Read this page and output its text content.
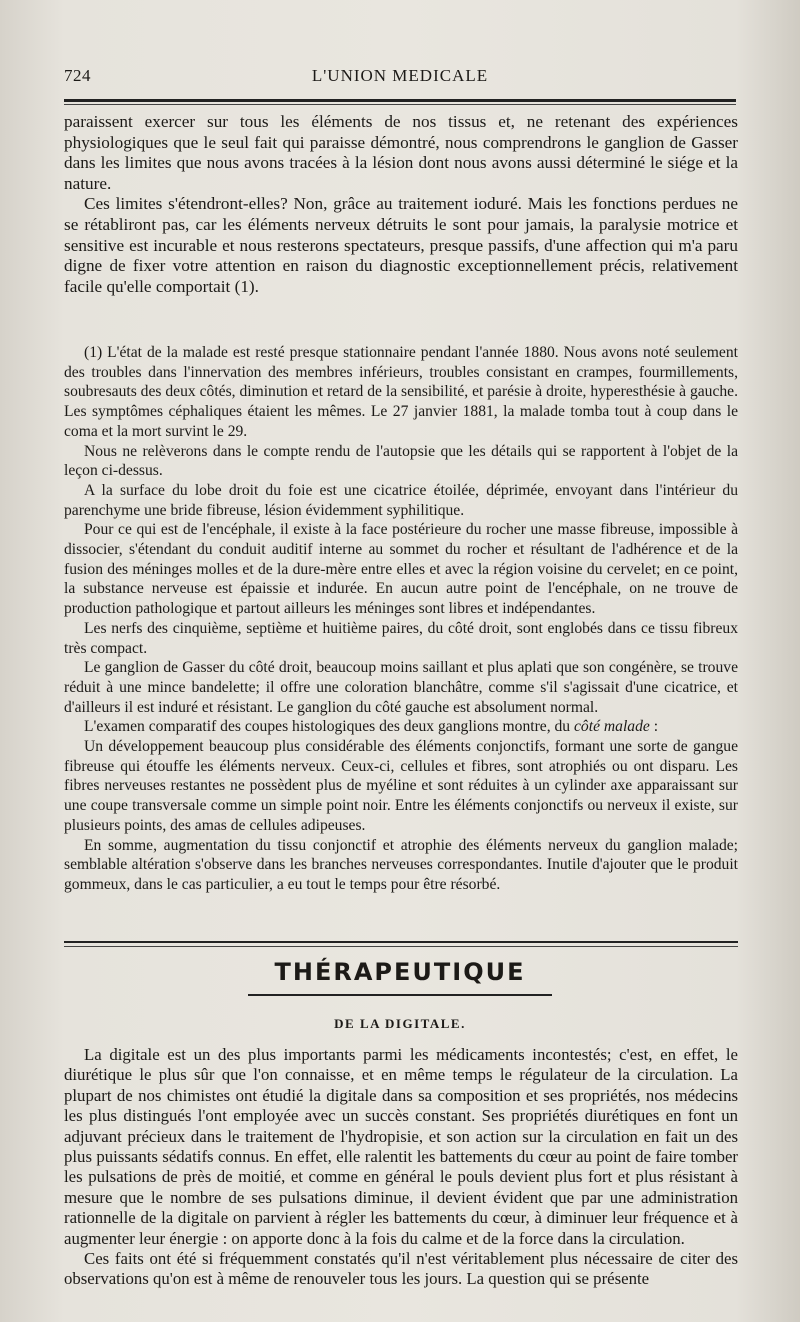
724	L'UNION MEDICALE

paraissent exercer sur tous les éléments de nos tissus et, ne retenant des expériences physiologiques que le seul fait qui paraisse démontré, nous comprendrons le ganglion de Gasser dans les limites que nous avons tracées à la lésion dont nous avons aussi déterminé le siége et la nature.

Ces limites s'étendront-elles? Non, grâce au traitement ioduré. Mais les fonctions perdues ne se rétabliront pas, car les éléments nerveux détruits le sont pour jamais, la paralysie motrice et sensitive est incurable et nous resterons spectateurs, presque passifs, d'une affection qui m'a paru digne de fixer votre attention en raison du diagnostic exceptionnellement précis, relativement facile qu'elle comportait (1).

(1) L'état de la malade est resté presque stationnaire pendant l'année 1880. Nous avons noté seulement des troubles dans l'innervation des membres inférieurs, troubles consistant en crampes, fourmillements, soubresauts des deux côtés, diminution et retard de la sensibilité, et parésie à droite, hyperesthésie à gauche. Les symptômes céphaliques étaient les mêmes. Le 27 janvier 1881, la malade tomba tout à coup dans le coma et la mort survint le 29.

Nous ne relèverons dans le compte rendu de l'autopsie que les détails qui se rapportent à l'objet de la leçon ci-dessus.

A la surface du lobe droit du foie est une cicatrice étoilée, déprimée, envoyant dans l'intérieur du parenchyme une bride fibreuse, lésion évidemment syphilitique.

Pour ce qui est de l'encéphale, il existe à la face postérieure du rocher une masse fibreuse, impossible à dissocier, s'étendant du conduit auditif interne au sommet du rocher et résultant de l'adhérence et de la fusion des méninges molles et de la dure-mère entre elles et avec la région voisine du cervelet; en ce point, la substance nerveuse est épaissie et indurée. En aucun autre point de l'encéphale, on ne trouve de production pathologique et partout ailleurs les méninges sont libres et indépendantes.

Les nerfs des cinquième, septième et huitième paires, du côté droit, sont englobés dans ce tissu fibreux très compact.

Le ganglion de Gasser du côté droit, beaucoup moins saillant et plus aplati que son congénère, se trouve réduit à une mince bandelette; il offre une coloration blanchâtre, comme s'il s'agissait d'une cicatrice, et d'ailleurs il est induré et résistant. Le ganglion du côté gauche est absolument normal.

L'examen comparatif des coupes histologiques des deux ganglions montre, du côté malade :

Un développement beaucoup plus considérable des éléments conjonctifs, formant une sorte de gangue fibreuse qui étouffe les éléments nerveux. Ceux-ci, cellules et fibres, sont atrophiés ou ont disparu. Les fibres nerveuses restantes ne possèdent plus de myéline et sont réduites à un cylinder axe apparaissant sur une coupe transversale comme un simple point noir. Entre les éléments conjonctifs ou nerveux il existe, sur plusieurs points, des amas de cellules adipeuses.

En somme, augmentation du tissu conjonctif et atrophie des éléments nerveux du ganglion malade; semblable altération s'observe dans les branches nerveuses correspondantes. Inutile d'ajouter que le produit gommeux, dans le cas particulier, a eu tout le temps pour être résorbé.

THÉRAPEUTIQUE
DE LA DIGITALE.

La digitale est un des plus importants parmi les médicaments incontestés; c'est, en effet, le diurétique le plus sûr que l'on connaisse, et en même temps le régulateur de la circulation. La plupart de nos chimistes ont étudié la digitale dans sa composition et ses propriétés, nos médecins les plus distingués l'ont employée avec un succès constant. Ses propriétés diurétiques en font un adjuvant précieux dans le traitement de l'hydropisie, et son action sur la circulation en fait un des plus puissants sédatifs connus. En effet, elle ralentit les battements du cœur au point de faire tomber les pulsations de près de moitié, et comme en général le pouls devient plus fort et plus résistant à mesure que le nombre de ses pulsations diminue, il devient évident que par une administration rationnelle de la digitale on parvient à régler les battements du cœur, à diminuer leur fréquence et à augmenter leur énergie : on apporte donc à la fois du calme et de la force dans la circulation.

Ces faits ont été si fréquemment constatés qu'il n'est véritablement plus nécessaire de citer des observations qu'on est à même de renouveler tous les jours. La question qui se présente
